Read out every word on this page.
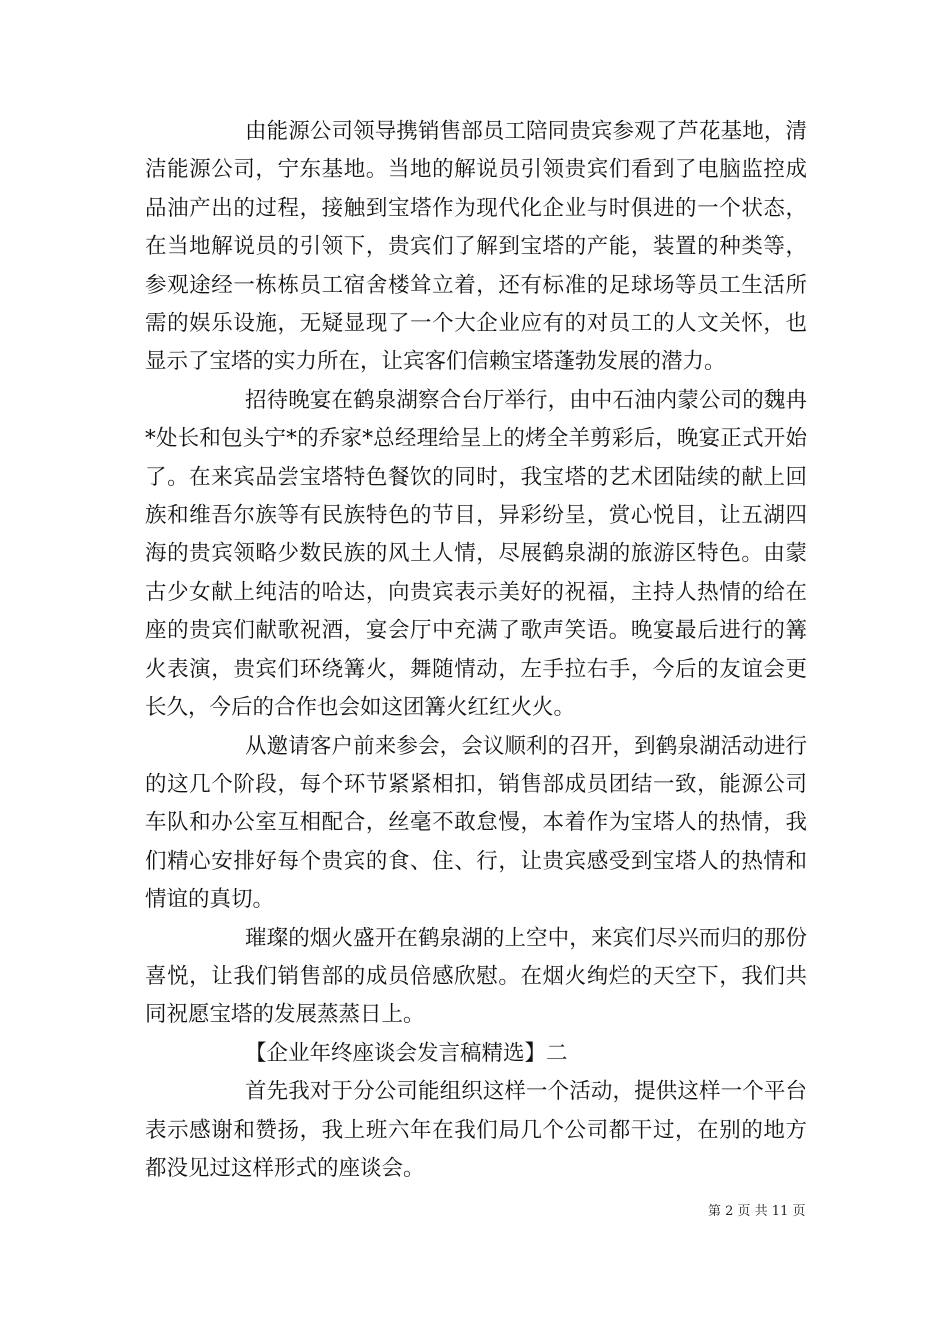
由能源公司领导携销售部员工陪同贵宾参观了芦花基地，清洁能源公司，宁东基地。当地的解说员引领贵宾们看到了电脑监控成品油产出的过程，接触到宝塔作为现代化企业与时俱进的一个状态，在当地解说员的引领下，贵宾们了解到宝塔的产能，装置的种类等，参观途经一栋栋员工宿舍楼耸立着，还有标准的足球场等员工生活所需的娱乐设施，无疑显现了一个大企业应有的对员工的人文关怀，也显示了宝塔的实力所在，让宾客们信赖宝塔蓬勃发展的潜力。

招待晚宴在鹤泉湖察合台厅举行，由中石油内蒙公司的魏冉*处长和包头宁*的乔家*总经理给呈上的烤全羊剪彩后，晚宴正式开始了。在来宾品尝宝塔特色餐饮的同时，我宝塔的艺术团陆续的献上回族和维吾尔族等有民族特色的节目，异彩纷呈，赏心悦目，让五湖四海的贵宾领略少数民族的风土人情，尽展鹤泉湖的旅游区特色。由蒙古少女献上纯洁的哈达，向贵宾表示美好的祝福，主持人热情的给在座的贵宾们献歌祝酒，宴会厅中充满了歌声笑语。晚宴最后进行的篝火表演，贵宾们环绕篝火，舞随情动，左手拉右手，今后的友谊会更长久，今后的合作也会如这团篝火红红火火。

从邀请客户前来参会，会议顺利的召开，到鹤泉湖活动进行的这几个阶段，每个环节紧紧相扣，销售部成员团结一致，能源公司车队和办公室互相配合，丝毫不敢怠慢，本着作为宝塔人的热情，我们精心安排好每个贵宾的食、住、行，让贵宾感受到宝塔人的热情和情谊的真切。

璀璨的烟火盛开在鹤泉湖的上空中，来宾们尽兴而归的那份喜悦，让我们销售部的成员倍感欣慰。在烟火绚烂的天空下，我们共同祝愿宝塔的发展蒸蒸日上。

【企业年终座谈会发言稿精选】二

首先我对于分公司能组织这样一个活动，提供这样一个平台表示感谢和赞扬，我上班六年在我们局几个公司都干过，在别的地方都没见过这样形式的座谈会。

第 2 页 共 11 页
